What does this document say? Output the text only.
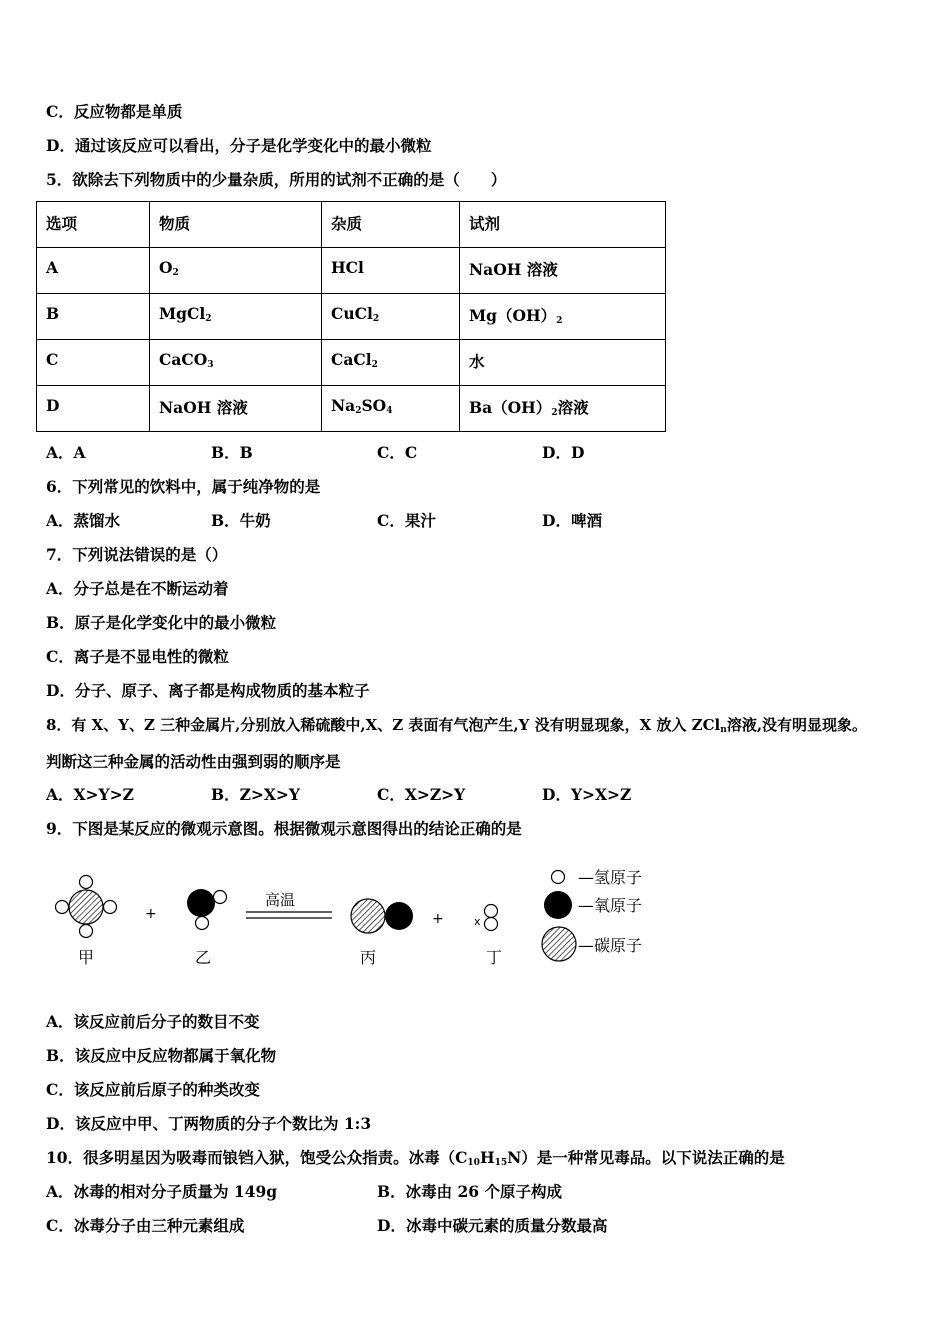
C．反应物都是单质
D．通过该反应可以看出，分子是化学变化中的最小微粒
5．欲除去下列物质中的少量杂质，所用的试剂不正确的是（　　）
选项	物质	杂质	试剂
A	$O_2$	HCl	NaOH 溶液
B	MgCl$_2$	CuCl$_2$	$Mg(OH)_2$
C	CaCO$_3$	CaCl$_2$	水
D	NaOH 溶液	$Na_2SO_4$	$Ba(OH)_2$溶液
A．A	B．B	C．C	D．D
6．下列常见的饮料中，属于纯净物的是
A．蒸馏水	B．牛奶	C．果汁	D．啤酒
7．下列说法错误的是（）
A．分子总是在不断运动着
B．原子是化学变化中的最小微粒
C．离子是不显电性的微粒
D．分子、原子、离子都是构成物质的基本粒子
8．有 X、Y、Z 三种金属片,分别放入稀硫酸中,X、Z 表面有气泡产生,Y 没有明显现象，X 放入 ZCl$_n$溶液,没有明显现象。
判断这三种金属的活动性由强到弱的顺序是
A．X>Y>Z	B．Z>X>Y	C．X>Z>Y	D．Y>X>Z
9．下图是某反应的微观示意图。根据微观示意图得出的结论正确的是
甲
+
乙
高温
丙
+	x
丁
—氢原子
—氧原子
—碳原子
A．该反应前后分子的数目不变
B．该反应中反应物都属于氧化物
C．该反应前后原子的种类改变
D．该反应中甲、丁两物质的分子个数比为 1:3
10．很多明星因为吸毒而锒铛入狱，饱受公众指责。冰毒$(C_{10}H_{15}N)$是一种常见毒品。以下说法正确的是
A．冰毒的相对分子质量为 149g	B．冰毒由 26 个原子构成
C．冰毒分子由三种元素组成	D．冰毒中碳元素的质量分数最高
